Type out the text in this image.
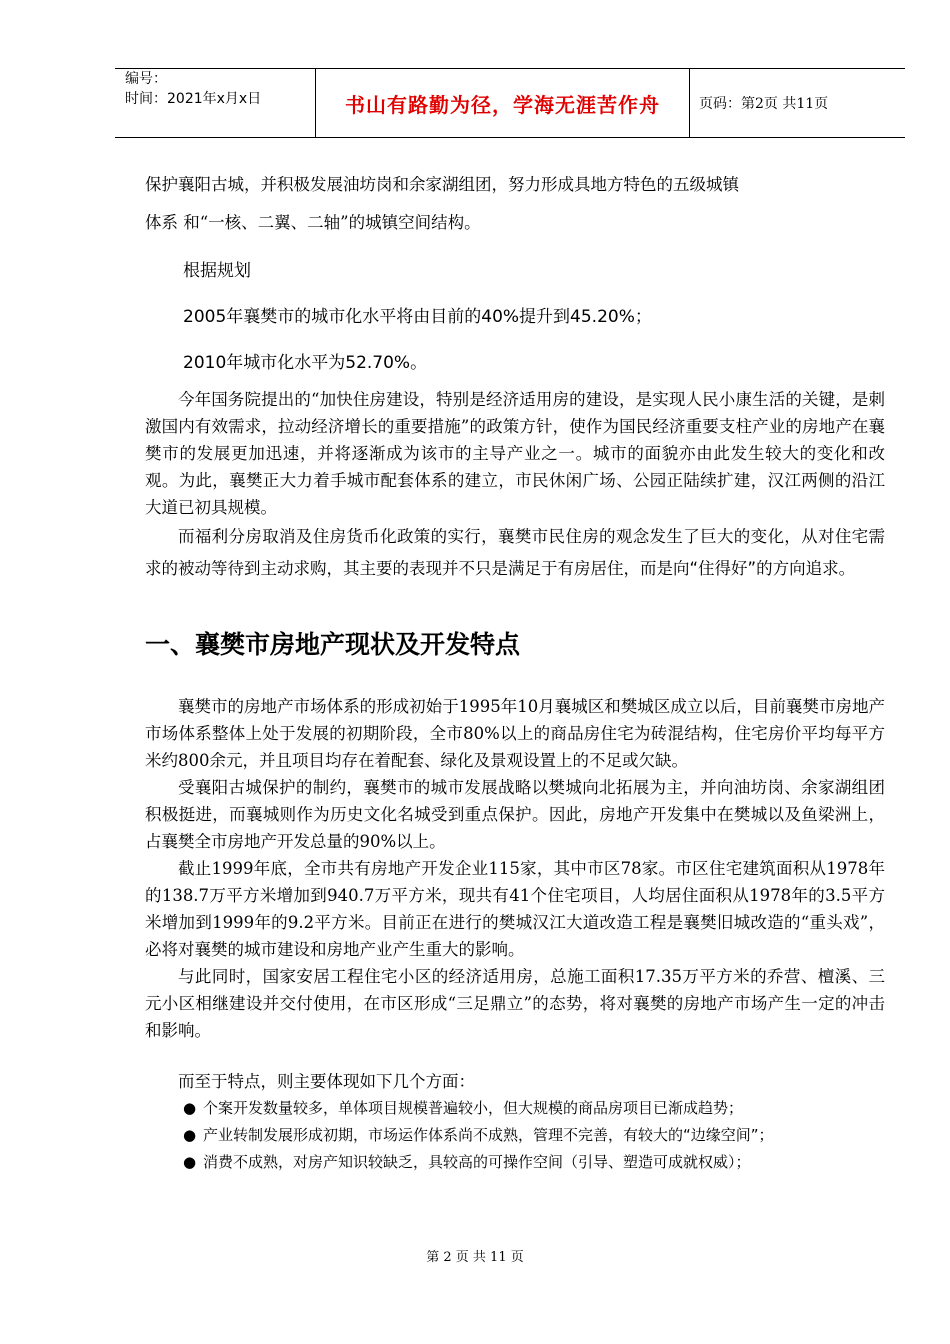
编号：
时间：2021年x月x日	书山有路勤为径，学海无涯苦作舟	页码：第2页 共11页

保护襄阳古城，并积极发展油坊岗和余家湖组团，努力形成具地方特色的五级城镇

体系 和“一核、二翼、二轴”的城镇空间结构。

根据规划

2005年襄樊市的城市化水平将由目前的40%提升到45.20%；

2010年城市化水平为52.70%。

今年国务院提出的“加快住房建设，特别是经济适用房的建设，是实现人民小康生活的关键，是刺激国内有效需求，拉动经济增长的重要措施”的政策方针，使作为国民经济重要支柱产业的房地产在襄樊市的发展更加迅速，并将逐渐成为该市的主导产业之一。城市的面貌亦由此发生较大的变化和改观。为此，襄樊正大力着手城市配套体系的建立，市民休闲广场、公园正陆续扩建，汉江两侧的沿江大道已初具规模。

而福利分房取消及住房货币化政策的实行，襄樊市民住房的观念发生了巨大的变化，从对住宅需求的被动等待到主动求购，其主要的表现并不只是满足于有房居住，而是向“住得好”的方向追求。

一、襄樊市房地产现状及开发特点

襄樊市的房地产市场体系的形成初始于1995年10月襄城区和樊城区成立以后，目前襄樊市房地产市场体系整体上处于发展的初期阶段，全市80%以上的商品房住宅为砖混结构，住宅房价平均每平方米约800余元，并且项目均存在着配套、绿化及景观设置上的不足或欠缺。

受襄阳古城保护的制约，襄樊市的城市发展战略以樊城向北拓展为主，并向油坊岗、余家湖组团积极挺进，而襄城则作为历史文化名城受到重点保护。因此，房地产开发集中在樊城以及鱼梁洲上，占襄樊全市房地产开发总量的90%以上。

截止1999年底，全市共有房地产开发企业115家，其中市区78家。市区住宅建筑面积从1978年的138.7万平方米增加到940.7万平方米，现共有41个住宅项目，人均居住面积从1978年的3.5平方米增加到1999年的9.2平方米。目前正在进行的樊城汉江大道改造工程是襄樊旧城改造的“重头戏”，必将对襄樊的城市建设和房地产业产生重大的影响。

与此同时，国家安居工程住宅小区的经济适用房，总施工面积17.35万平方米的乔营、檀溪、三元小区相继建设并交付使用，在市区形成“三足鼎立”的态势，将对襄樊的房地产市场产生一定的冲击和影响。

而至于特点，则主要体现如下几个方面：

● 个案开发数量较多，单体项目规模普遍较小，但大规模的商品房项目已渐成趋势；
● 产业转制发展形成初期，市场运作体系尚不成熟，管理不完善，有较大的“边缘空间”；
● 消费不成熟，对房产知识较缺乏，具较高的可操作空间（引导、塑造可成就权威）；
第 2 页 共 11 页
